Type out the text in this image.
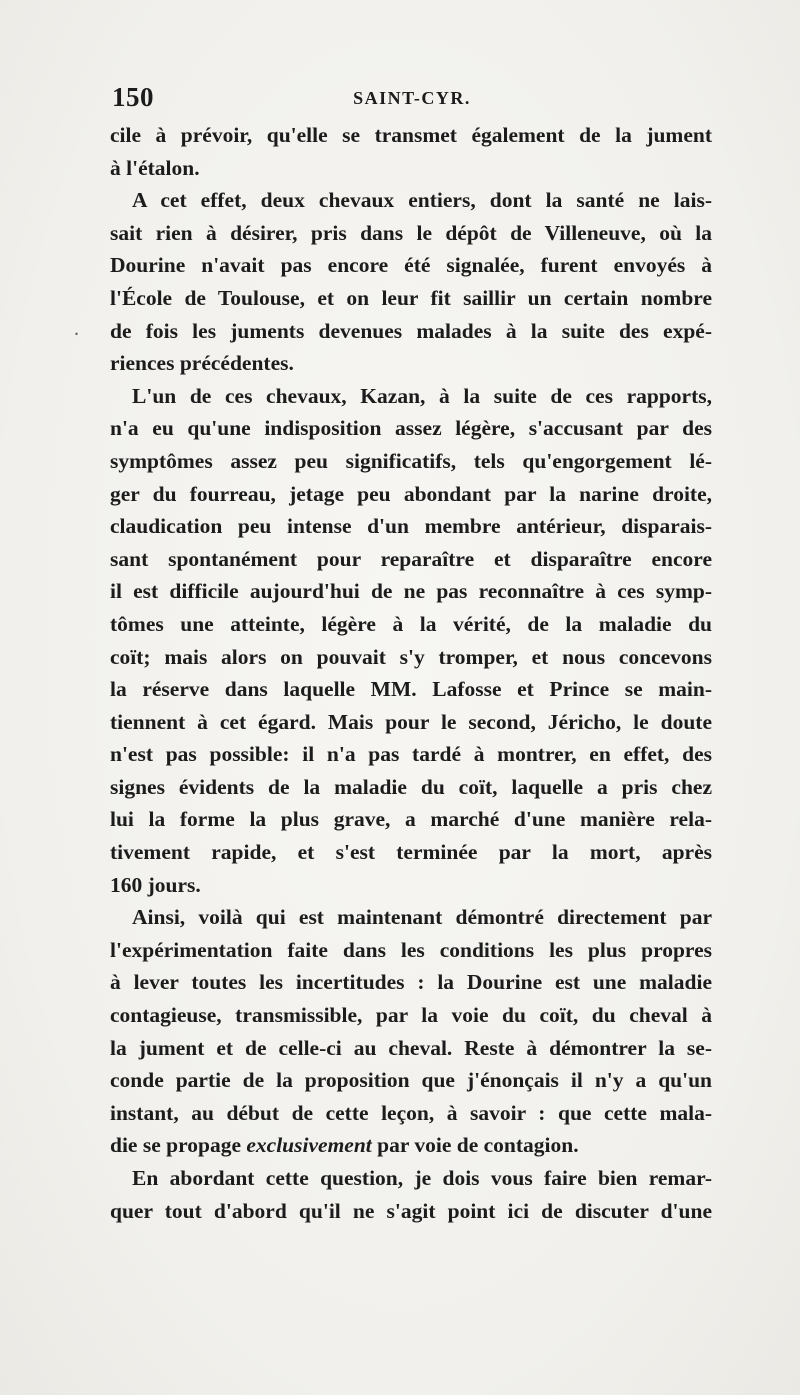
150	SAINT-CYR.
cile à prévoir, qu'elle se transmet également de la jument
à l'étalon.
A cet effet, deux chevaux entiers, dont la santé ne lais-
sait rien à désirer, pris dans le dépôt de Villeneuve, où la
Dourine n'avait pas encore été signalée, furent envoyés à
l'École de Toulouse, et on leur fit saillir un certain nombre
de fois les juments devenues malades à la suite des expé-
riences précédentes.
L'un de ces chevaux, Kazan, à la suite de ces rapports,
n'a eu qu'une indisposition assez légère, s'accusant par des
symptômes assez peu significatifs, tels qu'engorgement lé-
ger du fourreau, jetage peu abondant par la narine droite,
claudication peu intense d'un membre antérieur, disparais-
sant spontanément pour reparaître et disparaître encore
il est difficile aujourd'hui de ne pas reconnaître à ces symp-
tômes une atteinte, légère à la vérité, de la maladie du
coït; mais alors on pouvait s'y tromper, et nous concevons
la réserve dans laquelle MM. Lafosse et Prince se main-
tiennent à cet égard. Mais pour le second, Jéricho, le doute
n'est pas possible: il n'a pas tardé à montrer, en effet, des
signes évidents de la maladie du coït, laquelle a pris chez
lui la forme la plus grave, a marché d'une manière rela-
tivement rapide, et s'est terminée par la mort, après
160 jours.
Ainsi, voilà qui est maintenant démontré directement par
l'expérimentation faite dans les conditions les plus propres
à lever toutes les incertitudes : la Dourine est une maladie
contagieuse, transmissible, par la voie du coït, du cheval à
la jument et de celle-ci au cheval. Reste à démontrer la se-
conde partie de la proposition que j'énonçais il n'y a qu'un
instant, au début de cette leçon, à savoir : que cette mala-
die se propage exclusivement par voie de contagion.
En abordant cette question, je dois vous faire bien remar-
quer tout d'abord qu'il ne s'agit point ici de discuter d'une
.
